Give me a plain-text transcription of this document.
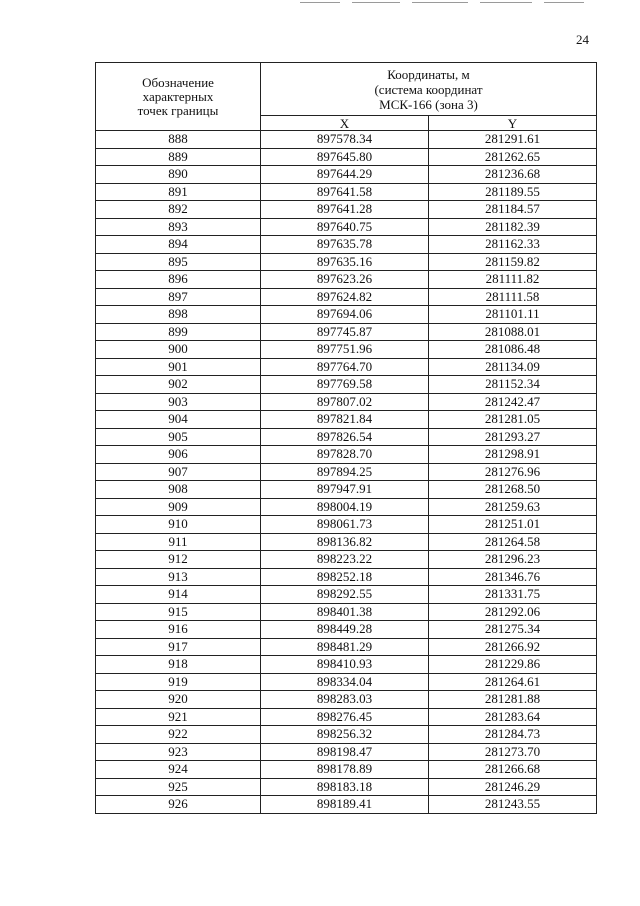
24
Обозначение
характерных
точек границы	Координаты, м
(система координат
МСК-166 (зона 3)	

	X	Y
888	897578.34	281291.61
889	897645.80	281262.65
890	897644.29	281236.68
891	897641.58	281189.55
892	897641.28	281184.57
893	897640.75	281182.39
894	897635.78	281162.33
895	897635.16	281159.82
896	897623.26	281111.82
897	897624.82	281111.58
898	897694.06	281101.11
899	897745.87	281088.01
900	897751.96	281086.48
901	897764.70	281134.09
902	897769.58	281152.34
903	897807.02	281242.47
904	897821.84	281281.05
905	897826.54	281293.27
906	897828.70	281298.91
907	897894.25	281276.96
908	897947.91	281268.50
909	898004.19	281259.63
910	898061.73	281251.01
911	898136.82	281264.58
912	898223.22	281296.23
913	898252.18	281346.76
914	898292.55	281331.75
915	898401.38	281292.06
916	898449.28	281275.34
917	898481.29	281266.92
918	898410.93	281229.86
919	898334.04	281264.61
920	898283.03	281281.88
921	898276.45	281283.64
922	898256.32	281284.73
923	898198.47	281273.70
924	898178.89	281266.68
925	898183.18	281246.29
926	898189.41	281243.55
